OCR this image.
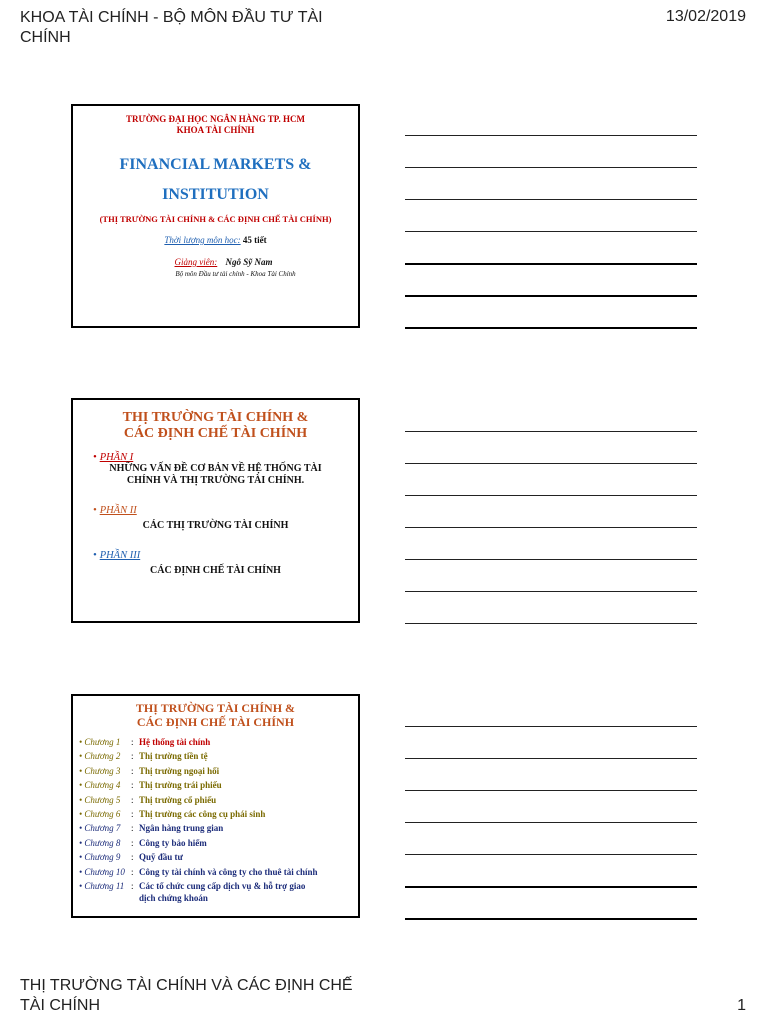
KHOA TÀI CHÍNH - BỘ MÔN ĐẦU TƯ TÀI CHÍNH
13/02/2019
TRƯỜNG ĐẠI HỌC NGÂN HÀNG TP. HCM
KHOA TÀI CHÍNH
FINANCIAL MARKETS &
INSTITUTION
(THỊ TRƯỜNG TÀI CHÍNH & CÁC ĐỊNH CHẾ TÀI CHÍNH)
Thời lượng môn học: 45 tiết
Giảng viên: Ngô Sỹ Nam
Bộ môn Đầu tư tài chính - Khoa Tài Chính
THỊ TRƯỜNG TÀI CHÍNH &
CÁC ĐỊNH CHẾ TÀI CHÍNH
• PHẦN I
NHỮNG VẤN ĐỀ CƠ BẢN VỀ HỆ THỐNG TÀI
CHÍNH VÀ THỊ TRƯỜNG TÀI CHÍNH.
• PHẦN II
CÁC THỊ TRƯỜNG TÀI CHÍNH
• PHẦN III
CÁC ĐỊNH CHẾ TÀI CHÍNH
THỊ TRƯỜNG TÀI CHÍNH &
CÁC ĐỊNH CHẾ TÀI CHÍNH
• Chương 1 : Hệ thống tài chính
• Chương 2 : Thị trường tiền tệ
• Chương 3 : Thị trường ngoại hối
• Chương 4 : Thị trường trái phiếu
• Chương 5 : Thị trường cổ phiếu
• Chương 6 : Thị trường các công cụ phái sinh
• Chương 7 : Ngân hàng trung gian
• Chương 8 : Công ty bảo hiểm
• Chương 9 : Quỹ đầu tư
• Chương 10 : Công ty tài chính và công ty cho thuê tài chính
• Chương 11 : Các tổ chức cung cấp dịch vụ & hỗ trợ giao
dịch chứng khoán
THỊ TRƯỜNG TÀI CHÍNH VÀ CÁC ĐỊNH CHẾ TÀI CHÍNH	1
